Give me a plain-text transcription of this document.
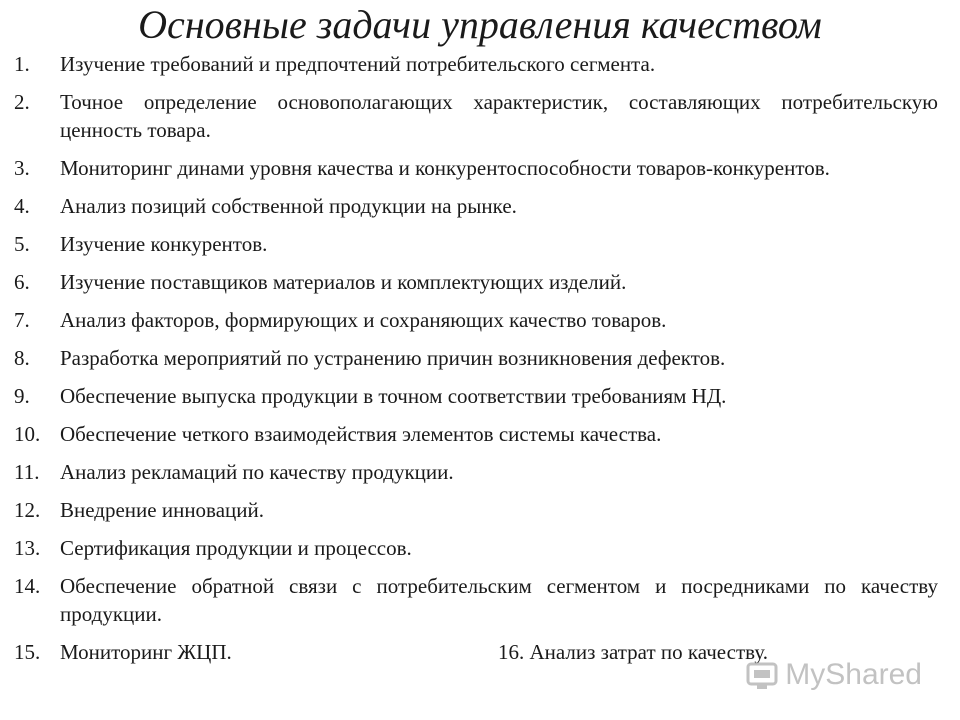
Основные задачи управления качеством
1.	Изучение требований и предпочтений потребительского сегмента.
2.	Точное определение основополагающих характеристик, составляющих потребительскую ценность товара.
3.	Мониторинг динами уровня качества и конкурентоспособности товаров-конкурентов.
4.	Анализ позиций собственной продукции на рынке.
5.	Изучение конкурентов.
6.	Изучение поставщиков материалов и комплектующих изделий.
7.	Анализ факторов, формирующих и сохраняющих качество товаров.
8.	Разработка мероприятий по устранению причин возникновения дефектов.
9.	Обеспечение выпуска продукции в точном соответствии требованиям НД.
10. Обеспечение четкого взаимодействия элементов системы качества.
11. Анализ рекламаций по качеству продукции.
12. Внедрение инноваций.
13. Сертификация продукции и процессов.
14. Обеспечение обратной связи с потребительским сегментом и посредниками по качеству продукции.
15. Мониторинг ЖЦП.	16. Анализ затрат по качеству.
MyShared
